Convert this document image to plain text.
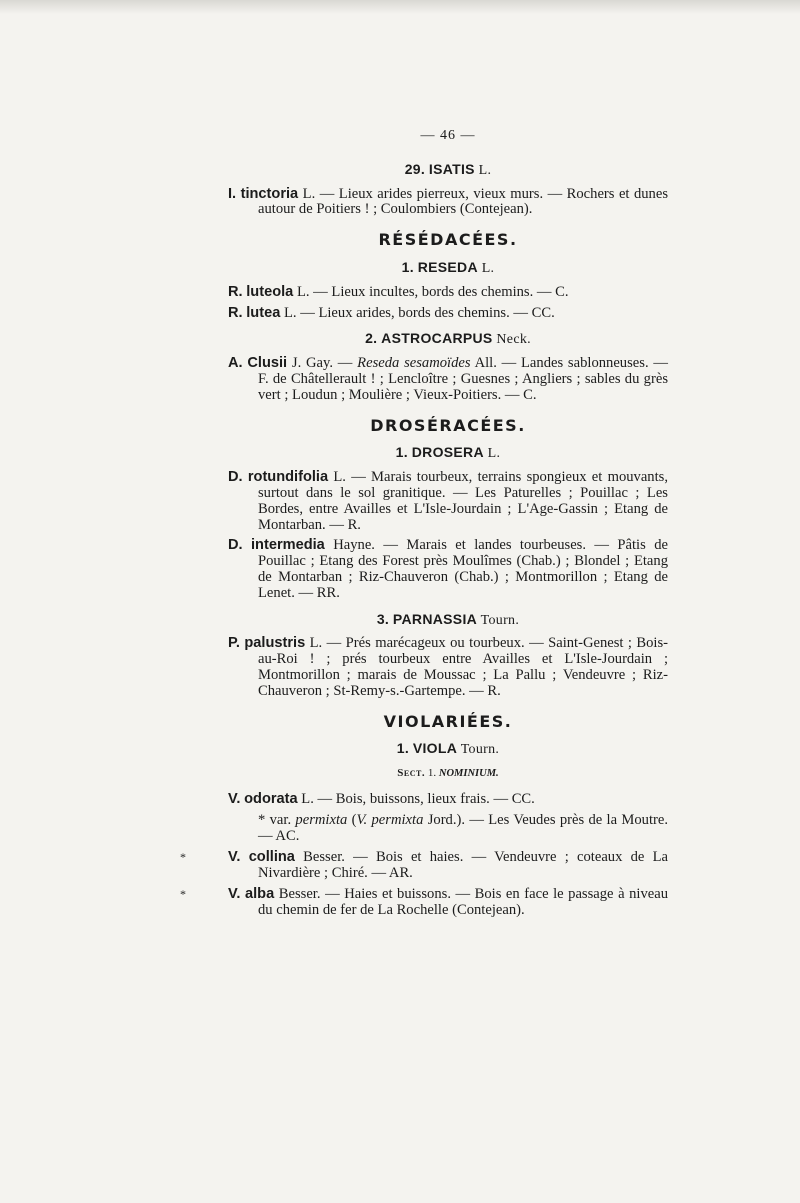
— 46 —
29. ISATIS L.

I. tinctoria L. — Lieux arides pierreux, vieux murs. — Rochers et dunes autour de Poitiers ! ; Coulombiers (Contejean).

RÉSÉDACÉES.
1. RESEDA L.

R. luteola L. — Lieux incultes, bords des chemins. — C.

R. lutea L. — Lieux arides, bords des chemins. — CC.

2. ASTROCARPUS Neck.

A. Clusii J. Gay. — Reseda sesamoïdes All. — Landes sablonneuses. — F. de Châtellerault ! ; Lencloître ; Guesnes ; Angliers ; sables du grès vert ; Loudun ; Moulière ; Vieux-Poitiers. — C.

DROSÉRACÉES.
1. DROSERA L.

D. rotundifolia L. — Marais tourbeux, terrains spongieux et mouvants, surtout dans le sol granitique. — Les Paturelles ; Pouillac ; Les Bordes, entre Availles et L'Isle-Jourdain ; L'Age-Gassin ; Etang de Montarban. — R.

D. intermedia Hayne. — Marais et landes tourbeuses. — Pâtis de Pouillac ; Etang des Forest près Moulîmes (Chab.) ; Blondel ; Etang de Montarban ; Riz-Chauveron (Chab.) ; Montmorillon ; Etang de Lenet. — RR.

3. PARNASSIA Tourn.

P. palustris L. — Prés marécageux ou tourbeux. — Saint-Genest ; Bois-au-Roi ! ; prés tourbeux entre Availles et L'Isle-Jourdain ; Montmorillon ; marais de Moussac ; La Pallu ; Vendeuvre ; Riz-Chauveron ; St-Remy-s.-Gartempe. — R.

VIOLARIÉES.
1. VIOLA Tourn.
Sect. 1. NOMINIUM.

V. odorata L. — Bois, buissons, lieux frais. — CC.

* var. permixta (V. permixta Jord.). — Les Veudes près de la Moutre. — AC.

*	V. collina Besser. — Bois et haies. — Vendeuvre ; coteaux de La Nivardière ; Chiré. — AR.

*	V. alba Besser. — Haies et buissons. — Bois en face le passage à niveau du chemin de fer de La Rochelle (Contejean).
